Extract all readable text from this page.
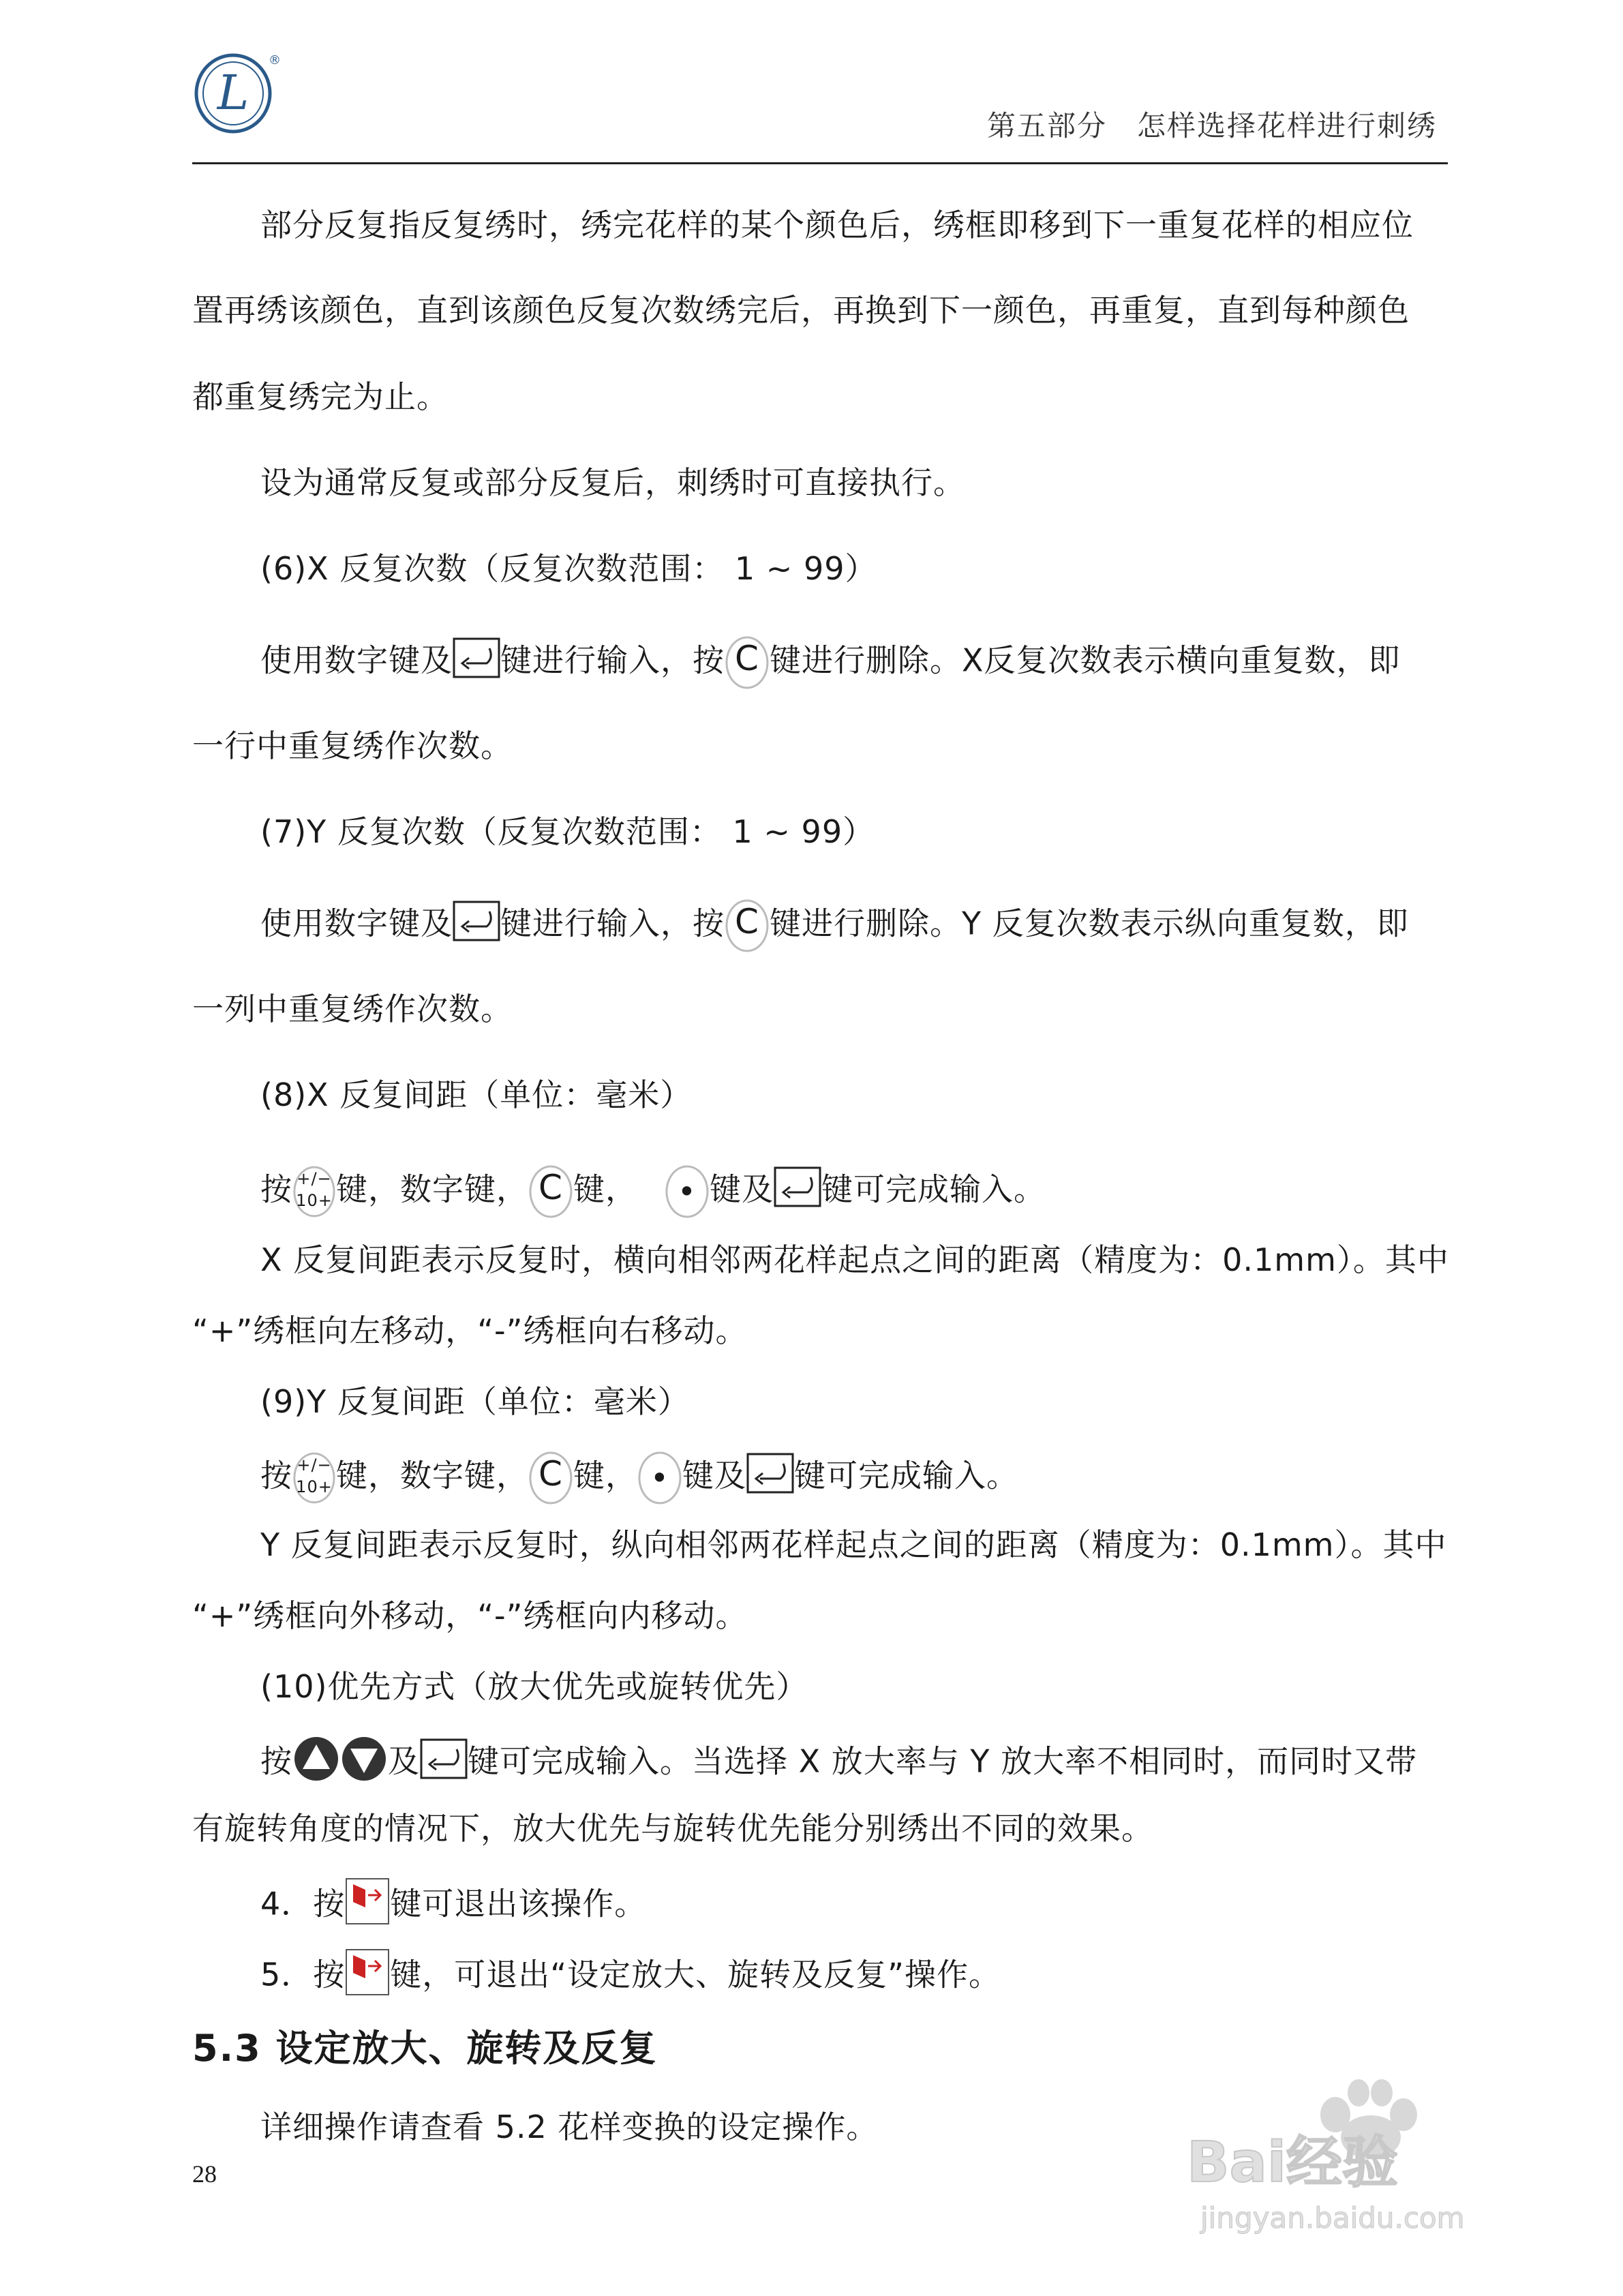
L
®
第五部分　怎样选择花样进行刺绣
部分反复指反复绣时，绣完花样的某个颜色后，绣框即移到下一重复花样的相应位
置再绣该颜色，直到该颜色反复次数绣完后，再换到下一颜色，再重复，直到每种颜色
都重复绣完为止。
设为通常反复或部分反复后，刺绣时可直接执行。
(6)X 反复次数（反复次数范围： 1 ~ 99）
使用数字键及 键进行输入，按 C 键进行删除。X反复次数表示横向重复数，即
一行中重复绣作次数。
(7)Y 反复次数（反复次数范围： 1 ~ 99）
使用数字键及 键进行输入，按 C 键进行删除。Y 反复次数表示纵向重复数，即
一列中重复绣作次数。
(8)X 反复间距（单位：毫米）
按 +/−
10+ 键，数字键， C 键，	• 键及 键可完成输入。
X 反复间距表示反复时，横向相邻两花样起点之间的距离（精度为：0.1mm）。其中
“+”绣框向左移动，“-”绣框向右移动。
(9)Y 反复间距（单位：毫米）
按 +/−
10+ 键，数字键， C 键， • 键及 键可完成输入。
Y 反复间距表示反复时，纵向相邻两花样起点之间的距离（精度为：0.1mm）。其中
“+”绣框向外移动，“-”绣框向内移动。
(10)优先方式（放大优先或旋转优先）
按	及 键可完成输入。当选择 X 放大率与 Y 放大率不相同时，而同时又带
有旋转角度的情况下，放大优先与旋转优先能分别绣出不同的效果。
4．按 键可退出该操作。
5．按 键，可退出“设定放大、旋转及反复”操作。
5.3 设定放大、旋转及反复
详细操作请查看 5.2 花样变换的设定操作。
28	Bai经验
jingyan.baidu.com
